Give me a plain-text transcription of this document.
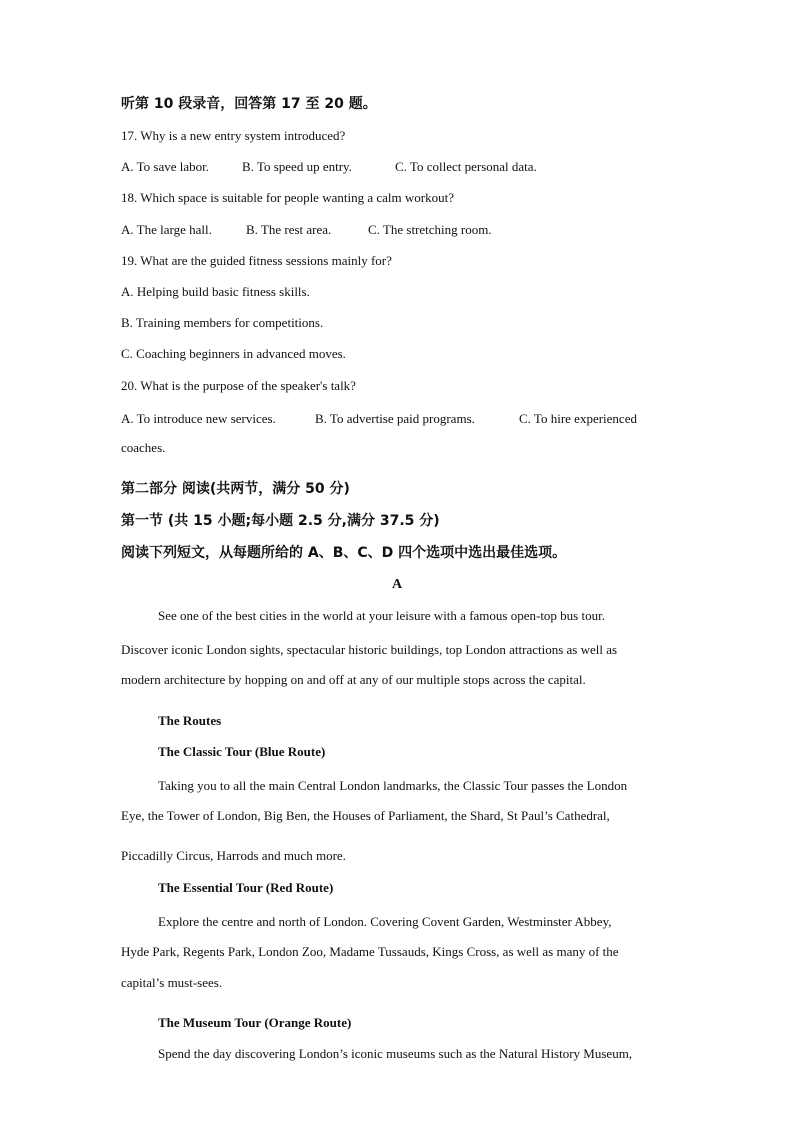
听第 10 段录音，回答第 17 至 20 题。
17. Why is a new entry system introduced?
A. To save labor.	B. To speed up entry.	C. To collect personal data.
18. Which space is suitable for people wanting a calm workout?
A. The large hall.	B. The rest area.	C. The stretching room.
19. What are the guided fitness sessions mainly for?
A. Helping build basic fitness skills.
B. Training members for competitions.
C. Coaching beginners in advanced moves.
20. What is the purpose of the speaker's talk?
A. To introduce new services.	B. To advertise paid programs.	C. To hire experienced
coaches.
第二部分 阅读(共两节，满分 50 分)
第一节 (共 15 小题;每小题 2.5 分,满分 37.5 分)
阅读下列短文，从每题所给的 A、B、C、D 四个选项中选出最佳选项。
A
See one of the best cities in the world at your leisure with a famous open-top bus tour.
Discover iconic London sights, spectacular historic buildings, top London attractions as well as
modern architecture by hopping on and off at any of our multiple stops across the capital.
The Routes
The Classic Tour (Blue Route)
Taking you to all the main Central London landmarks, the Classic Tour passes the London
Eye, the Tower of London, Big Ben, the Houses of Parliament, the Shard, St Paul’s Cathedral,
Piccadilly Circus, Harrods and much more.
The Essential Tour (Red Route)
Explore the centre and north of London. Covering Covent Garden, Westminster Abbey,
Hyde Park, Regents Park, London Zoo, Madame Tussauds, Kings Cross, as well as many of the
capital’s must-sees.
The Museum Tour (Orange Route)
Spend the day discovering London’s iconic museums such as the Natural History Museum,
